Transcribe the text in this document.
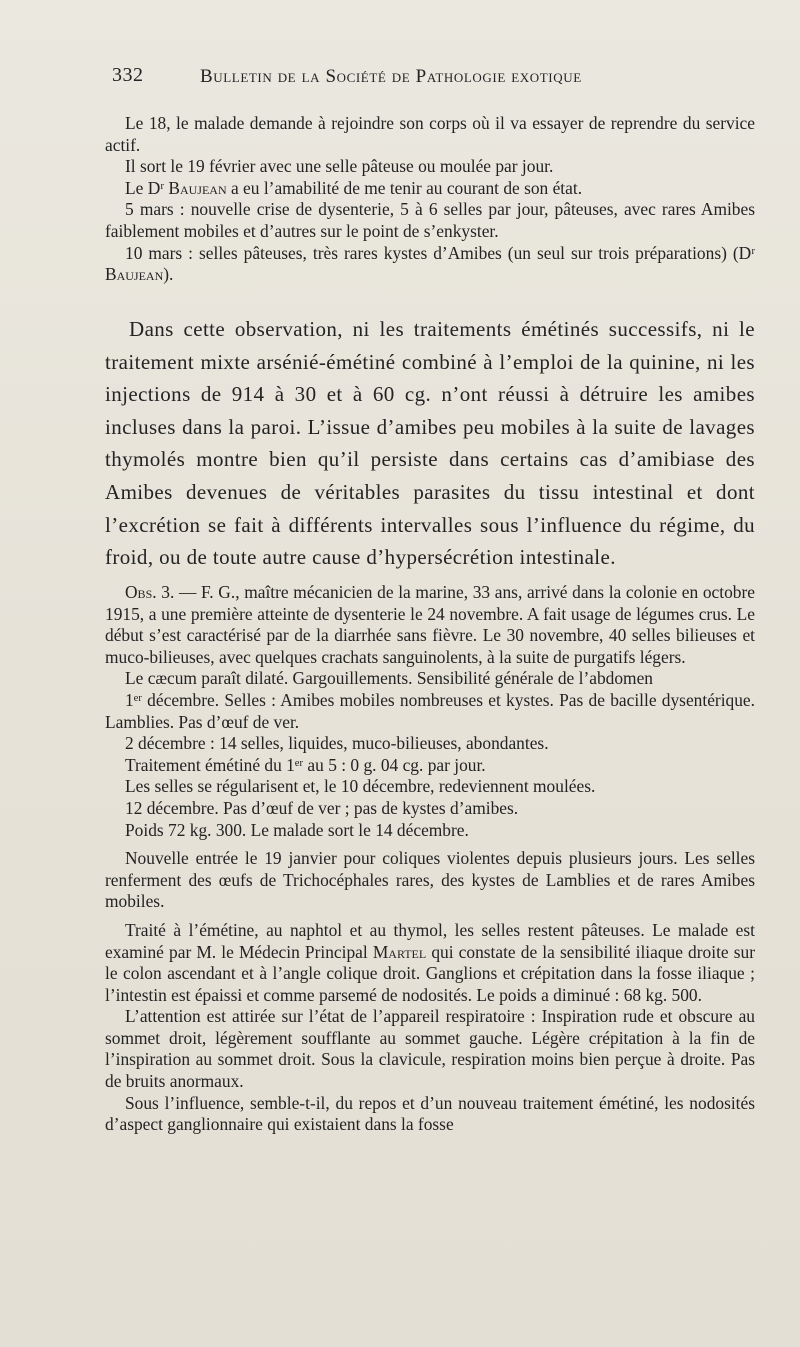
332	Bulletin de la Société de Pathologie exotique

Le 18, le malade demande à rejoindre son corps où il va essayer de reprendre du service actif.

Il sort le 19 février avec une selle pâteuse ou moulée par jour.

Le Dʳ Baujean a eu l’amabilité de me tenir au courant de son état.

5 mars : nouvelle crise de dysenterie, 5 à 6 selles par jour, pâteuses, avec rares Amibes faiblement mobiles et d’autres sur le point de s’enkyster.

10 mars : selles pâteuses, très rares kystes d’Amibes (un seul sur trois préparations) (Dʳ Baujean).

Dans cette observation, ni les traitements émétinés successifs, ni le traitement mixte arsénié-émétiné combiné à l’emploi de la quinine, ni les injections de 914 à 30 et à 60 cg. n’ont réussi à détruire les amibes incluses dans la paroi. L’issue d’amibes peu mobiles à la suite de lavages thymolés montre bien qu’il persiste dans certains cas d’amibiase des Amibes devenues de véritables parasites du tissu intestinal et dont l’excrétion se fait à différents intervalles sous l’influence du régime, du froid, ou de toute autre cause d’hypersécrétion intestinale.

Obs. 3. — F. G., maître mécanicien de la marine, 33 ans, arrivé dans la colonie en octobre 1915, a une première atteinte de dysenterie le 24 novembre. A fait usage de légumes crus. Le début s’est caractérisé par de la diarrhée sans fièvre. Le 30 novembre, 40 selles bilieuses et muco-bilieuses, avec quelques crachats sanguinolents, à la suite de purgatifs légers.

Le cæcum paraît dilaté. Gargouillements. Sensibilité générale de l’abdomen

1ᵉʳ décembre. Selles : Amibes mobiles nombreuses et kystes. Pas de bacille dysentérique. Lamblies. Pas d’œuf de ver.

2 décembre : 14 selles, liquides, muco-bilieuses, abondantes.

Traitement émétiné du 1ᵉʳ au 5 : 0 g. 04 cg. par jour.

Les selles se régularisent et, le 10 décembre, redeviennent moulées.

12 décembre. Pas d’œuf de ver ; pas de kystes d’amibes.

Poids 72 kg. 300. Le malade sort le 14 décembre.

Nouvelle entrée le 19 janvier pour coliques violentes depuis plusieurs jours. Les selles renferment des œufs de Trichocéphales rares, des kystes de Lamblies et de rares Amibes mobiles.

Traité à l’émétine, au naphtol et au thymol, les selles restent pâteuses. Le malade est examiné par M. le Médecin Principal Martel qui constate de la sensibilité iliaque droite sur le colon ascendant et à l’angle colique droit. Ganglions et crépitation dans la fosse iliaque ; l’intestin est épaissi et comme parsemé de nodosités. Le poids a diminué : 68 kg. 500.

L’attention est attirée sur l’état de l’appareil respiratoire : Inspiration rude et obscure au sommet droit, légèrement soufflante au sommet gauche. Légère crépitation à la fin de l’inspiration au sommet droit. Sous la clavicule, respiration moins bien perçue à droite. Pas de bruits anormaux.

Sous l’influence, semble-t-il, du repos et d’un nouveau traitement émétiné, les nodosités d’aspect ganglionnaire qui existaient dans la fosse
